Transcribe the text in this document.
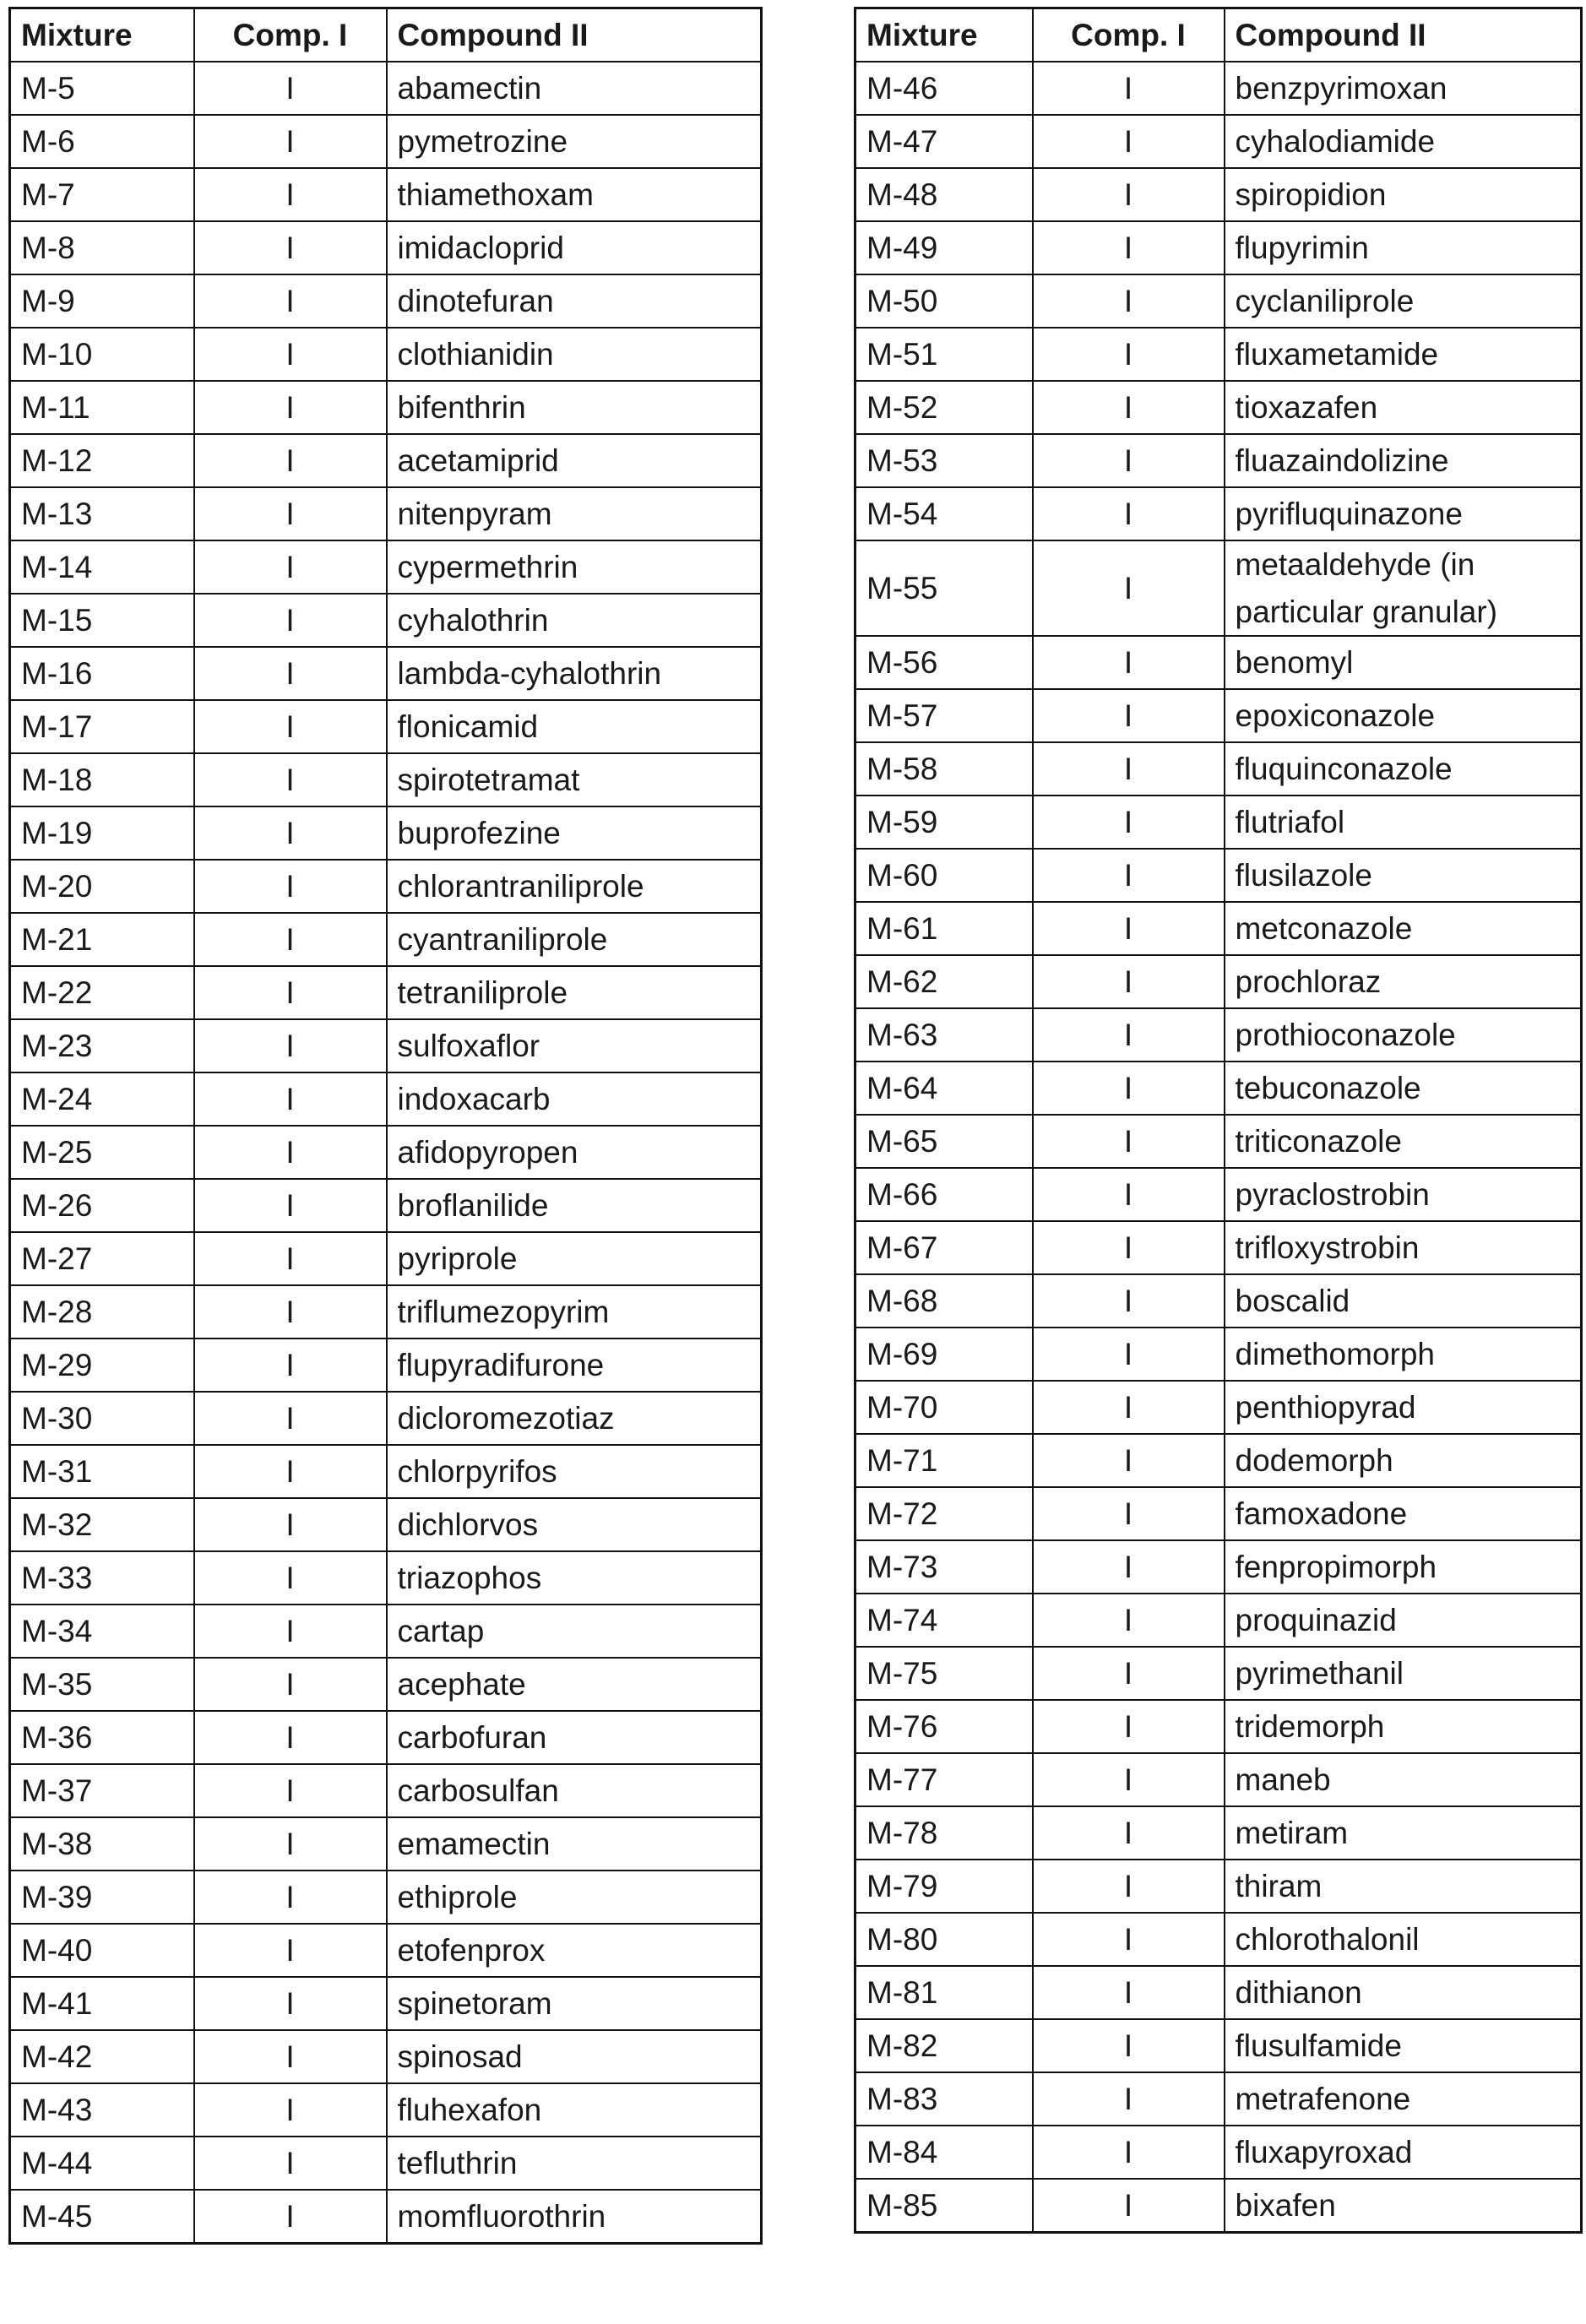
Mixture	Comp. I	Compound II
M-5	I	abamectin
M-6	I	pymetrozine
M-7	I	thiamethoxam
M-8	I	imidacloprid
M-9	I	dinotefuran
M-10	I	clothianidin
M-11	I	bifenthrin
M-12	I	acetamiprid
M-13	I	nitenpyram
M-14	I	cypermethrin
M-15	I	cyhalothrin
M-16	I	lambda-cyhalothrin
M-17	I	flonicamid
M-18	I	spirotetramat
M-19	I	buprofezine
M-20	I	chlorantraniliprole
M-21	I	cyantraniliprole
M-22	I	tetraniliprole
M-23	I	sulfoxaflor
M-24	I	indoxacarb
M-25	I	afidopyropen
M-26	I	broflanilide
M-27	I	pyriprole
M-28	I	triflumezopyrim
M-29	I	flupyradifurone
M-30	I	dicloromezotiaz
M-31	I	chlorpyrifos
M-32	I	dichlorvos
M-33	I	triazophos
M-34	I	cartap
M-35	I	acephate
M-36	I	carbofuran
M-37	I	carbosulfan
M-38	I	emamectin
M-39	I	ethiprole
M-40	I	etofenprox
M-41	I	spinetoram
M-42	I	spinosad
M-43	I	fluhexafon
M-44	I	tefluthrin
M-45	I	momfluorothrin
Mixture	Comp. I	Compound II
M-46	I	benzpyrimoxan
M-47	I	cyhalodiamide
M-48	I	spiropidion
M-49	I	flupyrimin
M-50	I	cyclaniliprole
M-51	I	fluxametamide
M-52	I	tioxazafen
M-53	I	fluazaindolizine
M-54	I	pyrifluquinazone
M-55	I	metaaldehyde (in particular granular)
M-56	I	benomyl
M-57	I	epoxiconazole
M-58	I	fluquinconazole
M-59	I	flutriafol
M-60	I	flusilazole
M-61	I	metconazole
M-62	I	prochloraz
M-63	I	prothioconazole
M-64	I	tebuconazole
M-65	I	triticonazole
M-66	I	pyraclostrobin
M-67	I	trifloxystrobin
M-68	I	boscalid
M-69	I	dimethomorph
M-70	I	penthiopyrad
M-71	I	dodemorph
M-72	I	famoxadone
M-73	I	fenpropimorph
M-74	I	proquinazid
M-75	I	pyrimethanil
M-76	I	tridemorph
M-77	I	maneb
M-78	I	metiram
M-79	I	thiram
M-80	I	chlorothalonil
M-81	I	dithianon
M-82	I	flusulfamide
M-83	I	metrafenone
M-84	I	fluxapyroxad
M-85	I	bixafen
